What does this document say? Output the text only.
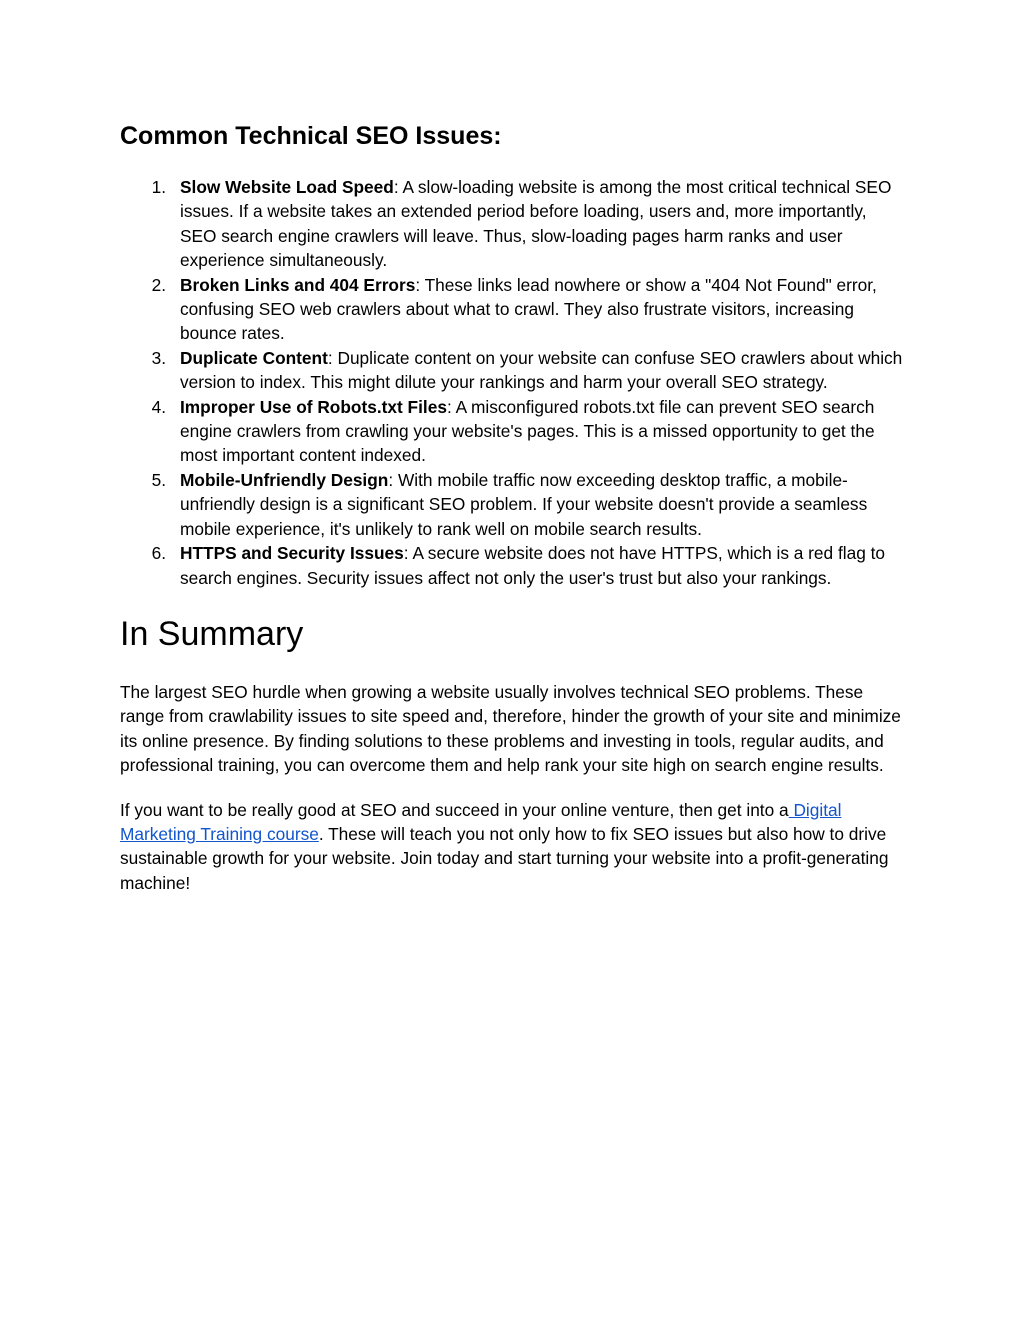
Common Technical SEO Issues:
1. Slow Website Load Speed: A slow-loading website is among the most critical technical SEO issues. If a website takes an extended period before loading, users and, more importantly, SEO search engine crawlers will leave. Thus, slow-loading pages harm ranks and user experience simultaneously.
2. Broken Links and 404 Errors: These links lead nowhere or show a "404 Not Found" error, confusing SEO web crawlers about what to crawl. They also frustrate visitors, increasing bounce rates.
3. Duplicate Content: Duplicate content on your website can confuse SEO crawlers about which version to index. This might dilute your rankings and harm your overall SEO strategy.
4. Improper Use of Robots.txt Files: A misconfigured robots.txt file can prevent SEO search engine crawlers from crawling your website's pages. This is a missed opportunity to get the most important content indexed.
5. Mobile-Unfriendly Design: With mobile traffic now exceeding desktop traffic, a mobile-unfriendly design is a significant SEO problem. If your website doesn't provide a seamless mobile experience, it's unlikely to rank well on mobile search results.
6. HTTPS and Security Issues: A secure website does not have HTTPS, which is a red flag to search engines. Security issues affect not only the user's trust but also your rankings.
In Summary

The largest SEO hurdle when growing a website usually involves technical SEO problems. These range from crawlability issues to site speed and, therefore, hinder the growth of your site and minimize its online presence. By finding solutions to these problems and investing in tools, regular audits, and professional training, you can overcome them and help rank your site high on search engine results.

If you want to be really good at SEO and succeed in your online venture, then get into a Digital Marketing Training course. These will teach you not only how to fix SEO issues but also how to drive sustainable growth for your website. Join today and start turning your website into a profit-generating machine!
